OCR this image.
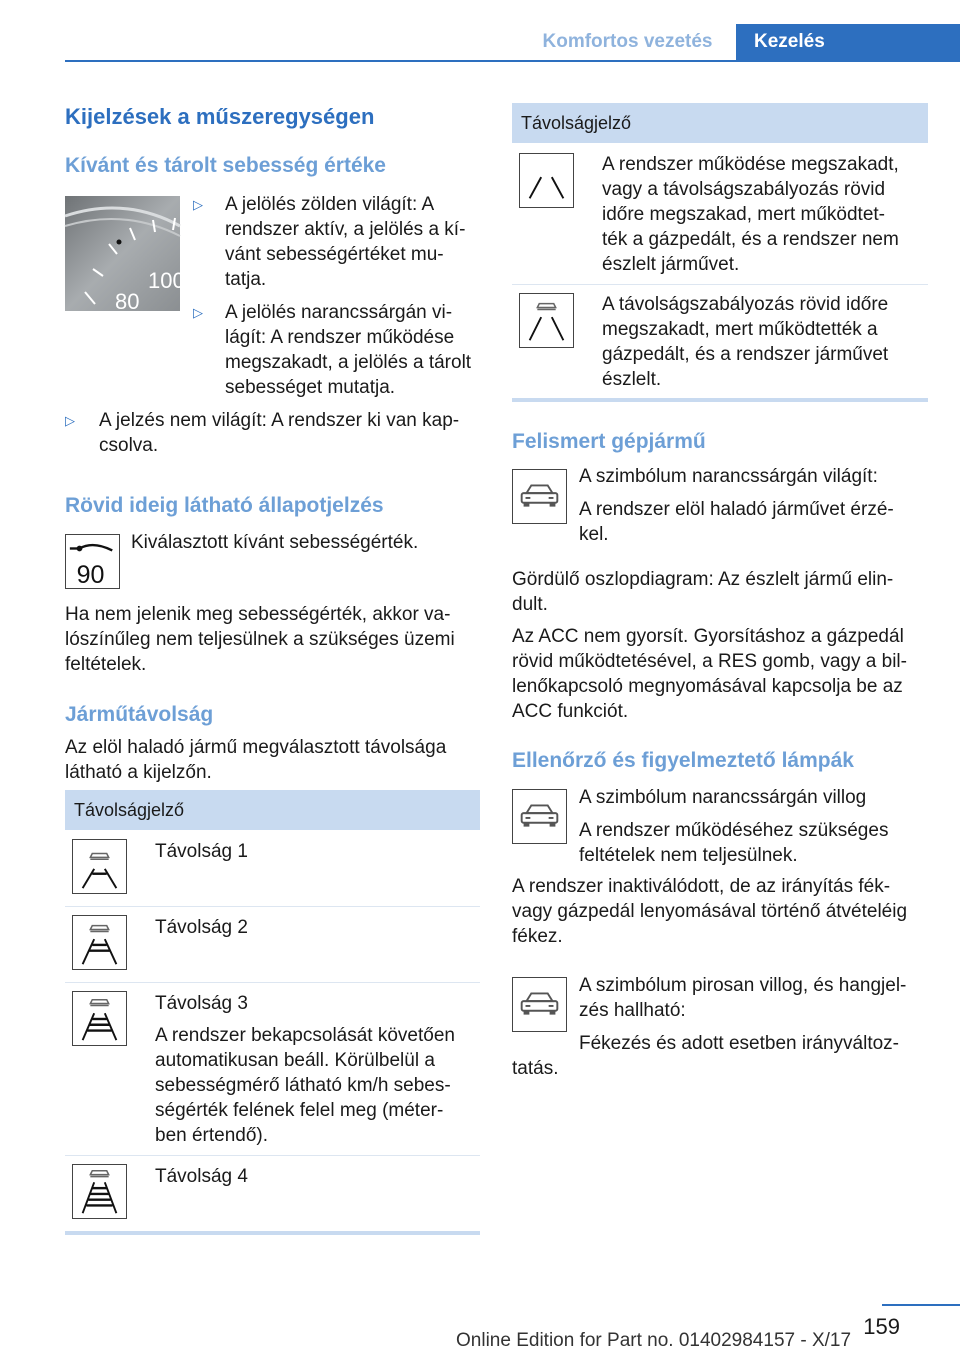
Komfortos vezetés	Kezelés
Kijelzések a műszeregységen
Kívánt és tárolt sebesség értéke
100
80
▷ A jelölés zölden világít: A
rendszer aktív, a jelölés a kí-
vánt sebességértéket mu-
tatja.
▷ A jelölés narancssárgán vi-
lágít: A rendszer működése
megszakadt, a jelölés a tárolt
sebességet mutatja.
▷ A jelzés nem világít: A rendszer ki van kap-
csolva.
Rövid ideig látható állapotjelzés
90
Kiválasztott kívánt sebességérték.
Ha nem jelenik meg sebességérték, akkor va-
lószínűleg nem teljesülnek a szükséges üzemi
feltételek.
Járműtávolság
Az elöl haladó jármű megválasztott távolsága
látható a kijelzőn.
Távolságjelző
Távolság 1
Távolság 2
Távolság 3
A rendszer bekapcsolását követően
automatikusan beáll. Körülbelül a
sebességmérő látható km/h sebes-
ségérték felének felel meg (méter-
ben értendő).
Távolság 4
Távolságjelző
A rendszer működése megszakadt,
vagy a távolságszabályozás rövid
időre megszakad, mert működtet-
ték a gázpedált, és a rendszer nem
észlelt járművet.
A távolságszabályozás rövid időre
megszakadt, mert működtették a
gázpedált, és a rendszer járművet
észlelt.
Felismert gépjármű
A szimbólum narancssárgán világít:
A rendszer elöl haladó járművet érzé-
kel.
Gördülő oszlopdiagram: Az észlelt jármű elin-
dult.
Az ACC nem gyorsít. Gyorsításhoz a gázpedál
rövid működtetésével, a RES gomb, vagy a bil-
lenőkapcsoló megnyomásával kapcsolja be az
ACC funkciót.
Ellenőrző és figyelmeztető lámpák
A szimbólum narancssárgán villog
A rendszer működéséhez szükséges
feltételek nem teljesülnek.
A rendszer inaktiválódott, de az irányítás fék-
vagy gázpedál lenyomásával történő átvételéig
fékez.
A szimbólum pirosan villog, és hangjel-
zés hallható:
Fékezés és adott esetben irányváltoz-
tatás.
159
Online Edition for Part no. 01402984157 - X/17
